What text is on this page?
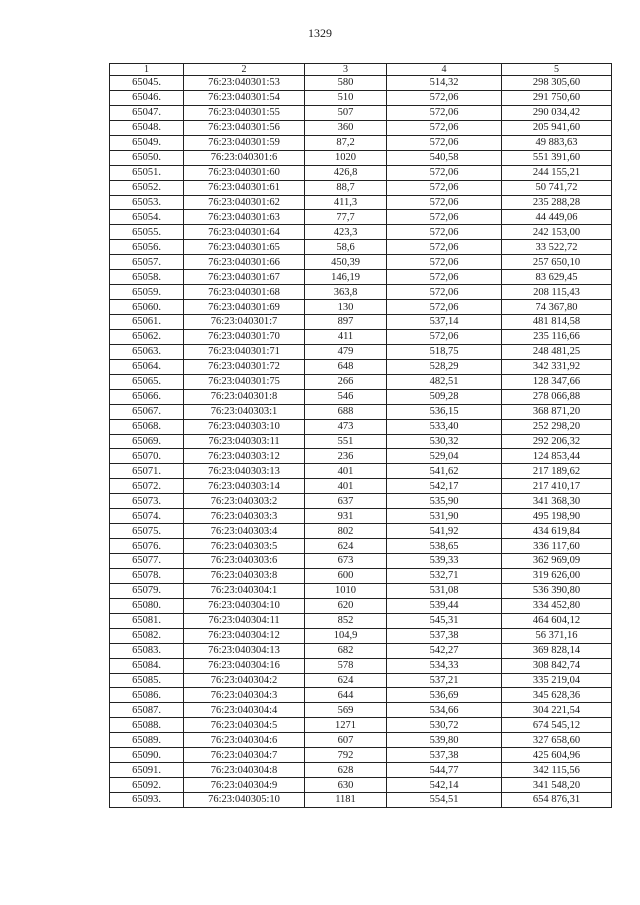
1329
1	2	3	4	5
65045.	76:23:040301:53	580	514,32	298 305,60
65046.	76:23:040301:54	510	572,06	291 750,60
65047.	76:23:040301:55	507	572,06	290 034,42
65048.	76:23:040301:56	360	572,06	205 941,60
65049.	76:23:040301:59	87,2	572,06	49 883,63
65050.	76:23:040301:6	1020	540,58	551 391,60
65051.	76:23:040301:60	426,8	572,06	244 155,21
65052.	76:23:040301:61	88,7	572,06	50 741,72
65053.	76:23:040301:62	411,3	572,06	235 288,28
65054.	76:23:040301:63	77,7	572,06	44 449,06
65055.	76:23:040301:64	423,3	572,06	242 153,00
65056.	76:23:040301:65	58,6	572,06	33 522,72
65057.	76:23:040301:66	450,39	572,06	257 650,10
65058.	76:23:040301:67	146,19	572,06	83 629,45
65059.	76:23:040301:68	363,8	572,06	208 115,43
65060.	76:23:040301:69	130	572,06	74 367,80
65061.	76:23:040301:7	897	537,14	481 814,58
65062.	76:23:040301:70	411	572,06	235 116,66
65063.	76:23:040301:71	479	518,75	248 481,25
65064.	76:23:040301:72	648	528,29	342 331,92
65065.	76:23:040301:75	266	482,51	128 347,66
65066.	76:23:040301:8	546	509,28	278 066,88
65067.	76:23:040303:1	688	536,15	368 871,20
65068.	76:23:040303:10	473	533,40	252 298,20
65069.	76:23:040303:11	551	530,32	292 206,32
65070.	76:23:040303:12	236	529,04	124 853,44
65071.	76:23:040303:13	401	541,62	217 189,62
65072.	76:23:040303:14	401	542,17	217 410,17
65073.	76:23:040303:2	637	535,90	341 368,30
65074.	76:23:040303:3	931	531,90	495 198,90
65075.	76:23:040303:4	802	541,92	434 619,84
65076.	76:23:040303:5	624	538,65	336 117,60
65077.	76:23:040303:6	673	539,33	362 969,09
65078.	76:23:040303:8	600	532,71	319 626,00
65079.	76:23:040304:1	1010	531,08	536 390,80
65080.	76:23:040304:10	620	539,44	334 452,80
65081.	76:23:040304:11	852	545,31	464 604,12
65082.	76:23:040304:12	104,9	537,38	56 371,16
65083.	76:23:040304:13	682	542,27	369 828,14
65084.	76:23:040304:16	578	534,33	308 842,74
65085.	76:23:040304:2	624	537,21	335 219,04
65086.	76:23:040304:3	644	536,69	345 628,36
65087.	76:23:040304:4	569	534,66	304 221,54
65088.	76:23:040304:5	1271	530,72	674 545,12
65089.	76:23:040304:6	607	539,80	327 658,60
65090.	76:23:040304:7	792	537,38	425 604,96
65091.	76:23:040304:8	628	544,77	342 115,56
65092.	76:23:040304:9	630	542,14	341 548,20
65093.	76:23:040305:10	1181	554,51	654 876,31
